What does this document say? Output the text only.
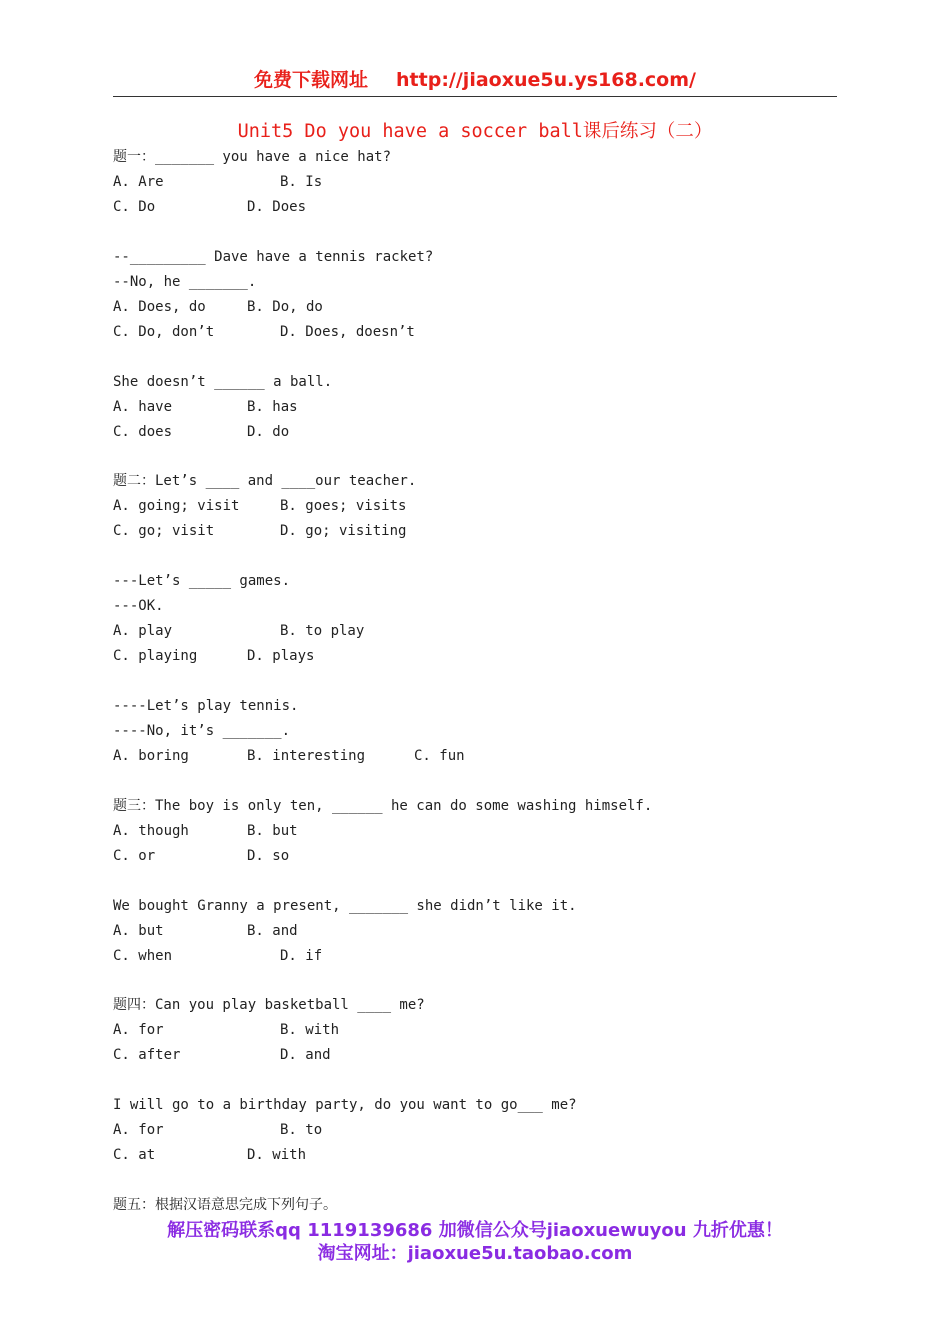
免费下载网址 http://jiaoxue5u.ys168.com/
Unit5 Do you have a soccer ball课后练习（二）
题一：_______ you have a nice hat?
A. Are	B. Is
C. Do	D. Does
--_________ Dave have a tennis racket?
--No, he _______.
A. Does, do	B. Do, do
C. Do, don’t	D. Does, doesn’t
She doesn’t ______ a ball.
A. have	B. has
C. does	D. do
题二：Let’s ____ and ____our teacher.
A. going; visit	B. goes; visits
C. go; visit	D. go; visiting
---Let’s _____ games.
---OK.
A. play	B. to play
C. playing	D. plays
----Let’s play tennis.
----No, it’s _______.
A. boring	B. interesting	C. fun
题三：The boy is only ten, ______ he can do some washing himself.
A. though	B. but
C. or	D. so
We bought Granny a present, _______ she didn’t like it.
A. but	B. and
C. when	D. if
题四：Can you play basketball ____ me?
A. for	B. with
C. after	D. and
I will go to a birthday party, do you want to go___ me?
A. for	B. to
C. at	D. with
题五：根据汉语意思完成下列句子。
解压密码联系qq 1119139686 加微信公众号jiaoxuewuyou 九折优惠！
淘宝网址：jiaoxue5u.taobao.com
